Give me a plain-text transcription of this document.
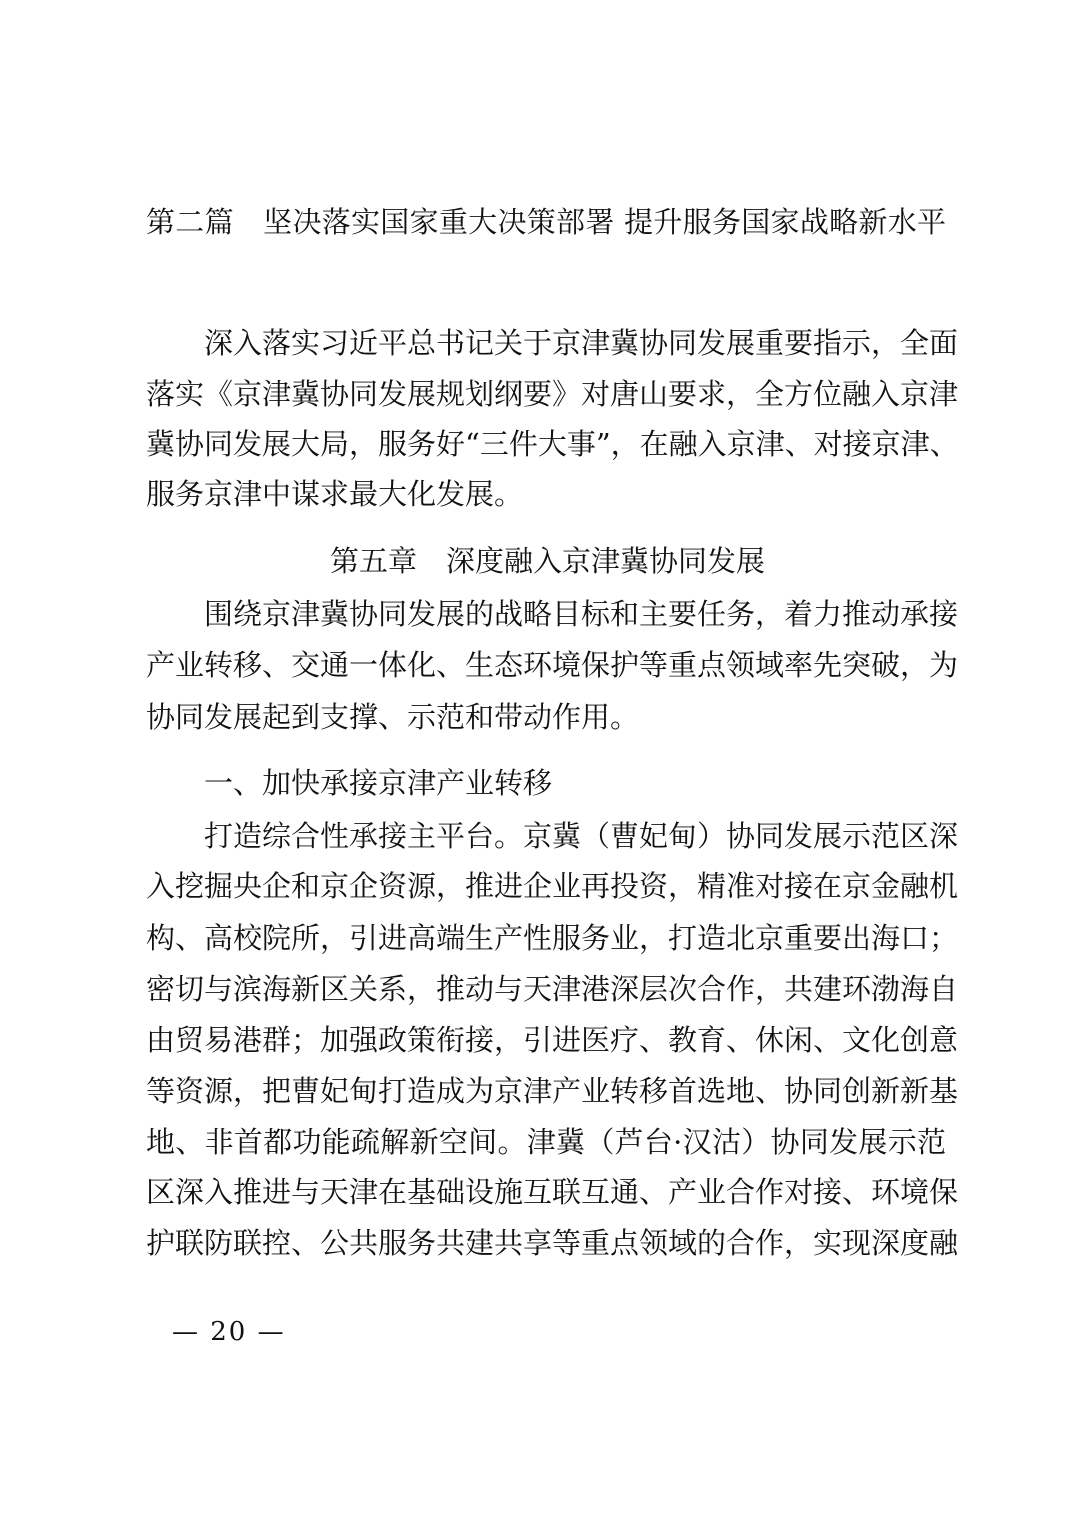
第二篇　坚决落实国家重大决策部署 提升服务国家战略新水平
深入落实习近平总书记关于京津冀协同发展重要指示，全面
落实《京津冀协同发展规划纲要》对唐山要求，全方位融入京津
冀协同发展大局，服务好“三件大事”，在融入京津、对接京津、
服务京津中谋求最大化发展。
第五章　深度融入京津冀协同发展
围绕京津冀协同发展的战略目标和主要任务，着力推动承接
产业转移、交通一体化、生态环境保护等重点领域率先突破，为
协同发展起到支撑、示范和带动作用。
一、加快承接京津产业转移
打造综合性承接主平台。京冀（曹妃甸）协同发展示范区深
入挖掘央企和京企资源，推进企业再投资，精准对接在京金融机
构、高校院所，引进高端生产性服务业，打造北京重要出海口；
密切与滨海新区关系，推动与天津港深层次合作，共建环渤海自
由贸易港群；加强政策衔接，引进医疗、教育、休闲、文化创意
等资源，把曹妃甸打造成为京津产业转移首选地、协同创新新基
地、非首都功能疏解新空间。津冀（芦台·汉沽）协同发展示范
区深入推进与天津在基础设施互联互通、产业合作对接、环境保
护联防联控、公共服务共建共享等重点领域的合作，实现深度融
— 20 —
